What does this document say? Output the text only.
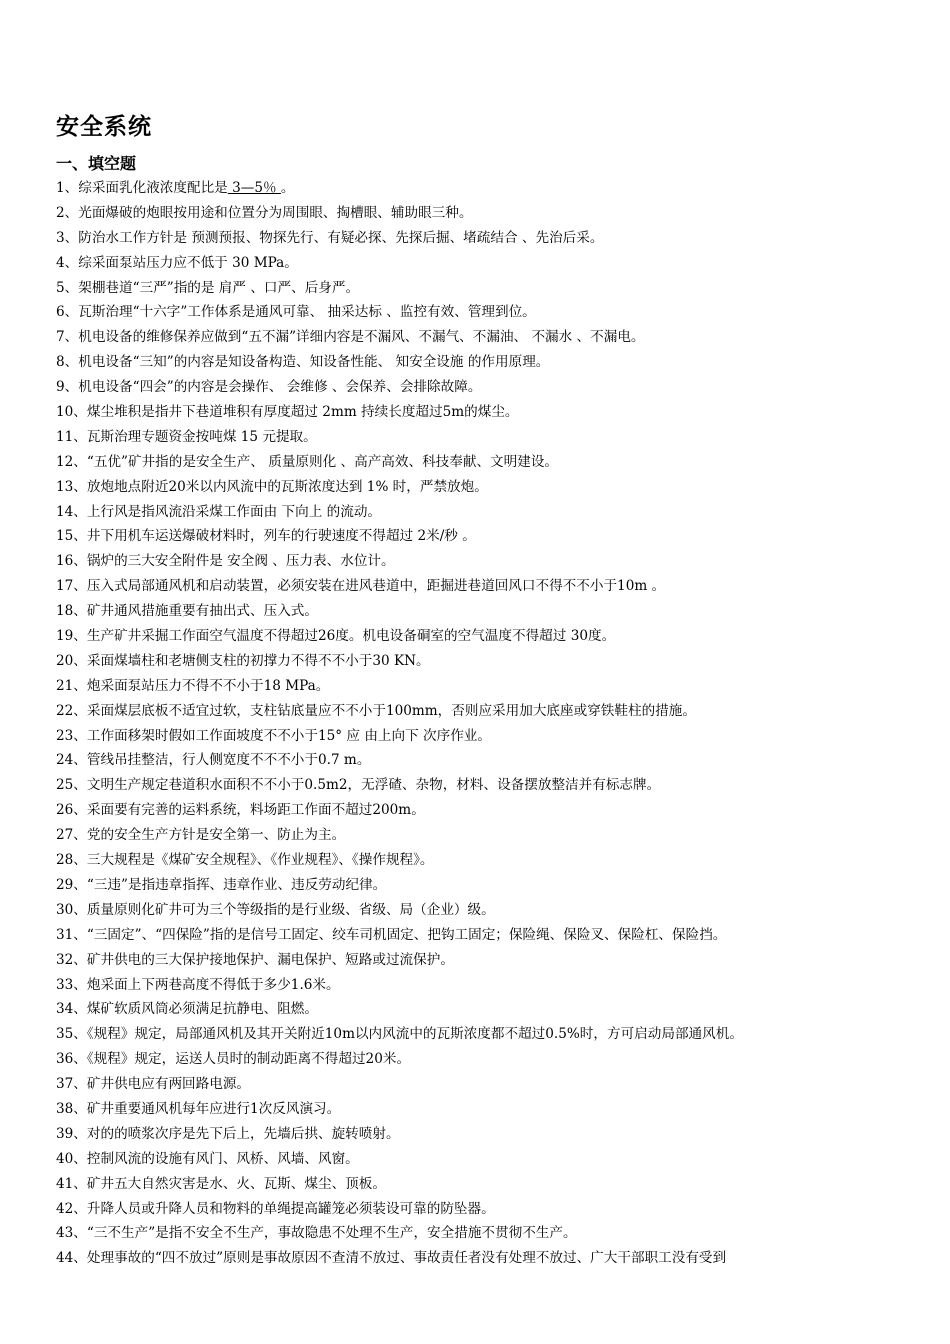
安全系统
一、填空题
1、综采面乳化液浓度配比是 3—5％ 。
2、光面爆破的炮眼按用途和位置分为周围眼、掏槽眼、辅助眼三种。
3、防治水工作方针是 预测预报、物探先行、有疑必探、先探后掘、堵疏结合 、先治后采。
4、综采面泵站压力应不低于 30 MPa。
5、架棚巷道“三严”指的是 肩严 、口严、后身严。
6、瓦斯治理“十六字”工作体系是通风可靠、 抽采达标 、监控有效、管理到位。
7、机电设备的维修保养应做到“五不漏”详细内容是不漏风、不漏气、不漏油、 不漏水 、不漏电。
8、机电设备“三知”的内容是知设备构造、知设备性能、 知安全设施 的作用原理。
9、机电设备“四会”的内容是会操作、 会维修 、会保养、会排除故障。
10、煤尘堆积是指井下巷道堆积有厚度超过 2mm 持续长度超过5m的煤尘。
11、瓦斯治理专题资金按吨煤 15 元提取。
12、“五优”矿井指的是安全生产、 质量原则化 、高产高效、科技奉献、文明建设。
13、放炮地点附近20米以内风流中的瓦斯浓度达到 1% 时，严禁放炮。
14、上行风是指风流沿采煤工作面由 下向上 的流动。
15、井下用机车运送爆破材料时，列车的行驶速度不得超过 2米/秒 。
16、锅炉的三大安全附件是 安全阀 、压力表、水位计。
17、压入式局部通风机和启动装置，必须安装在进风巷道中，距掘进巷道回风口不得不不小于10m 。
18、矿井通风措施重要有抽出式、压入式。
19、生产矿井采掘工作面空气温度不得超过26度。机电设备硐室的空气温度不得超过 30度。
20、采面煤墙柱和老塘侧支柱的初撑力不得不不小于30 KN。
21、炮采面泵站压力不得不不小于18 MPa。
22、采面煤层底板不适宜过软，支柱钻底量应不不小于100mm，否则应采用加大底座或穿铁鞋柱的措施。
23、工作面移架时假如工作面坡度不不小于15° 应 由上向下 次序作业。
24、管线吊挂整洁，行人侧宽度不不不小于0.7 m。
25、文明生产规定巷道积水面积不不小于0.5m2，无浮碴、杂物，材料、设备摆放整洁并有标志牌。
26、采面要有完善的运料系统，料场距工作面不超过200m。
27、党的安全生产方针是安全第一、防止为主。
28、三大规程是《煤矿安全规程》、《作业规程》、《操作规程》。
29、“三违”是指违章指挥、违章作业、违反劳动纪律。
30、质量原则化矿井可为三个等级指的是行业级、省级、局（企业）级。
31、“三固定”、“四保险”指的是信号工固定、绞车司机固定、把钩工固定；保险绳、保险叉、保险杠、保险挡。
32、矿井供电的三大保护接地保护、漏电保护、短路或过流保护。
33、炮采面上下两巷高度不得低于多少1.6米。
34、煤矿软质风筒必须满足抗静电、阻燃。
35、《规程》规定，局部通风机及其开关附近10m以内风流中的瓦斯浓度都不超过0.5%时，方可启动局部通风机。
36、《规程》规定，运送人员时的制动距离不得超过20米。
37、矿井供电应有两回路电源。
38、矿井重要通风机每年应进行1次反风演习。
39、对的的喷浆次序是先下后上，先墙后拱、旋转喷射。
40、控制风流的设施有风门、风桥、风墙、风窗。
41、矿井五大自然灾害是水、火、瓦斯、煤尘、顶板。
42、升降人员或升降人员和物料的单绳提高罐笼必须装设可靠的防坠器。
43、“三不生产”是指不安全不生产，事故隐患不处理不生产，安全措施不贯彻不生产。
44、处理事故的“四不放过”原则是事故原因不查清不放过、事故责任者没有处理不放过、广大干部职工没有受到
